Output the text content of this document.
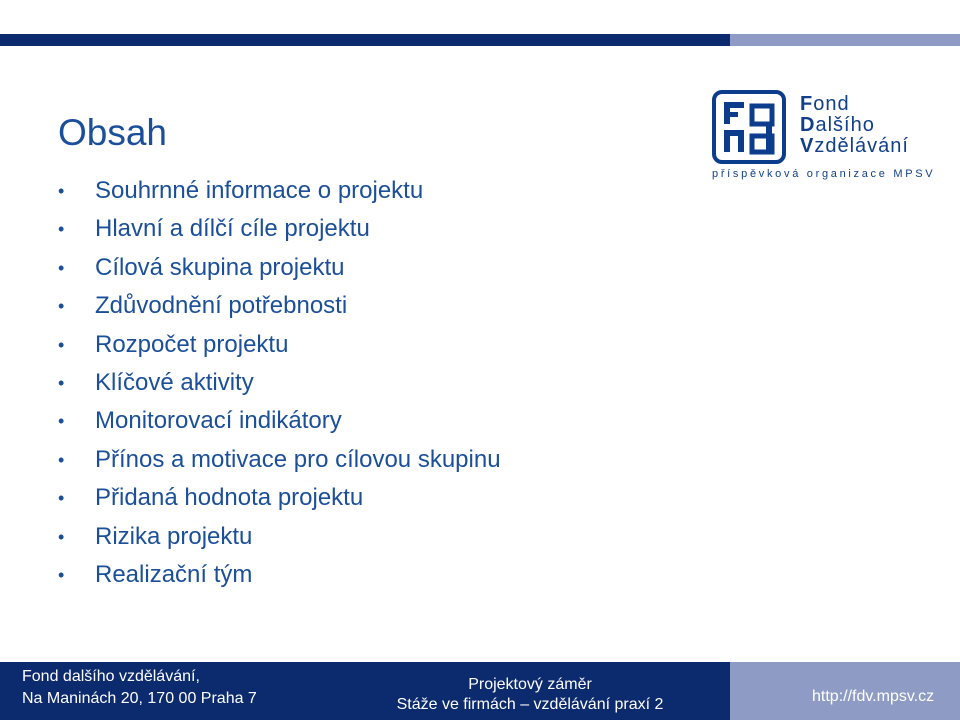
Obsah
• Souhrnné informace o projektu
• Hlavní a dílčí cíle projektu
• Cílová skupina projektu
• Zdůvodnění potřebnosti
• Rozpočet projektu
• Klíčové aktivity
• Monitorovací indikátory
• Přínos a motivace pro cílovou skupinu
• Přidaná hodnota projektu
• Rizika projektu
• Realizační tým
Fond
Dalšího
Vzdělávání
příspěvková organizace MPSV
Fond dalšího vzdělávání,
Na Maninách 20, 170 00 Praha 7
Projektový záměr
Stáže ve firmách – vzdělávání praxí 2	http://fdv.mpsv.cz
